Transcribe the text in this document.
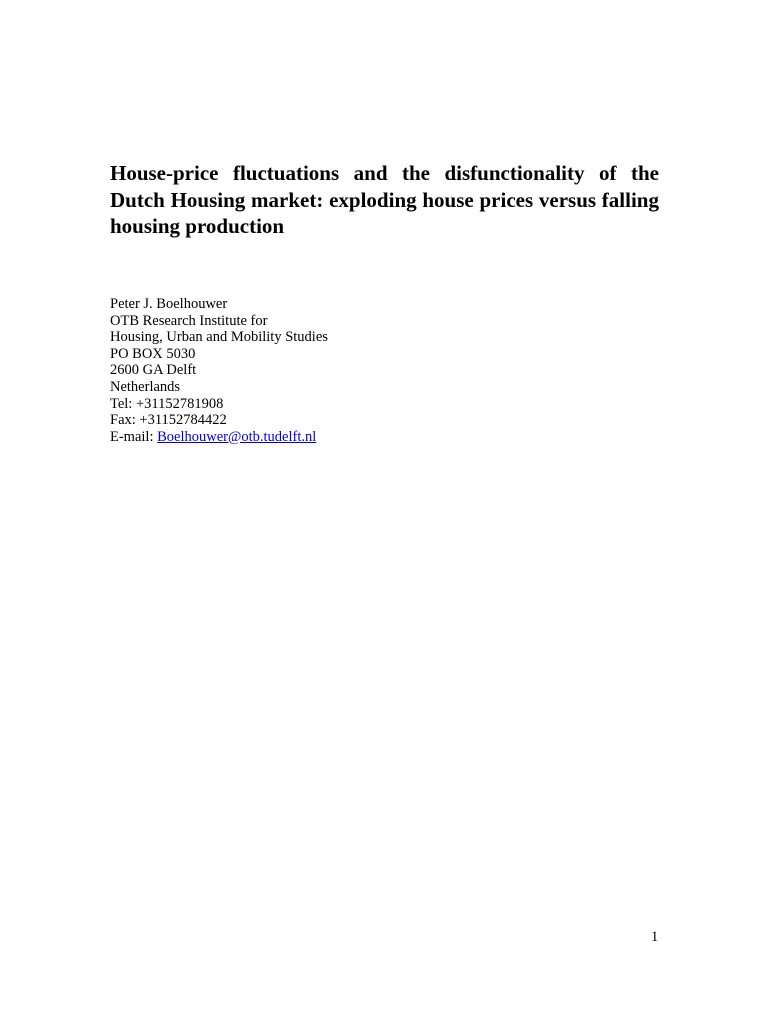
House-price fluctuations and the disfunctionality of the Dutch Housing market: exploding house prices versus falling housing production
Peter J. Boelhouwer
OTB Research Institute for
Housing, Urban and Mobility Studies
PO BOX 5030
2600 GA Delft
Netherlands
Tel: +31152781908
Fax: +31152784422
E-mail: Boelhouwer@otb.tudelft.nl
1
